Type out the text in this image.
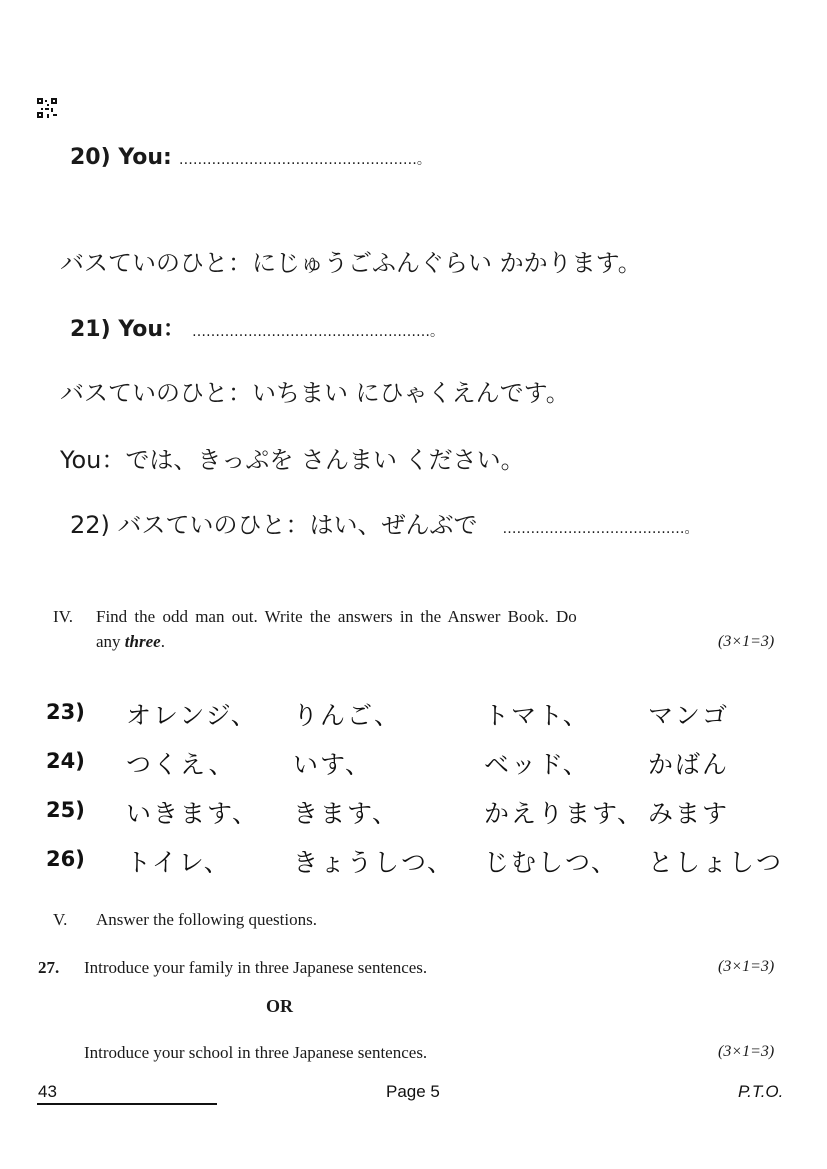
20) You: ……………………………………………。
バスていのひと：にじゅうごふんぐらい かかります。
21) You： ……………………………………………。
バスていのひと：いちまい にひゃくえんです。
You：では、きっぷを さんまい ください。
22) バスていのひと：はい、ぜんぶで …………………………………。
IV. Find the odd man out. Write the answers in the Answer Book. Do
any three.	(3×1=3)
23) オレンジ、 りんご、	トマト、 マンゴ
24) つくえ、 いす、	ベッド、 かばん
25) いきます、 きます、	かえります、 みます
26) トイレ、 きょうしつ、 じむしつ、 としょしつ
V. Answer the following questions.
27. Introduce your family in three Japanese sentences.	(3×1=3)
OR
Introduce your school in three Japanese sentences.	(3×1=3)
43	Page 5	P.T.O.
